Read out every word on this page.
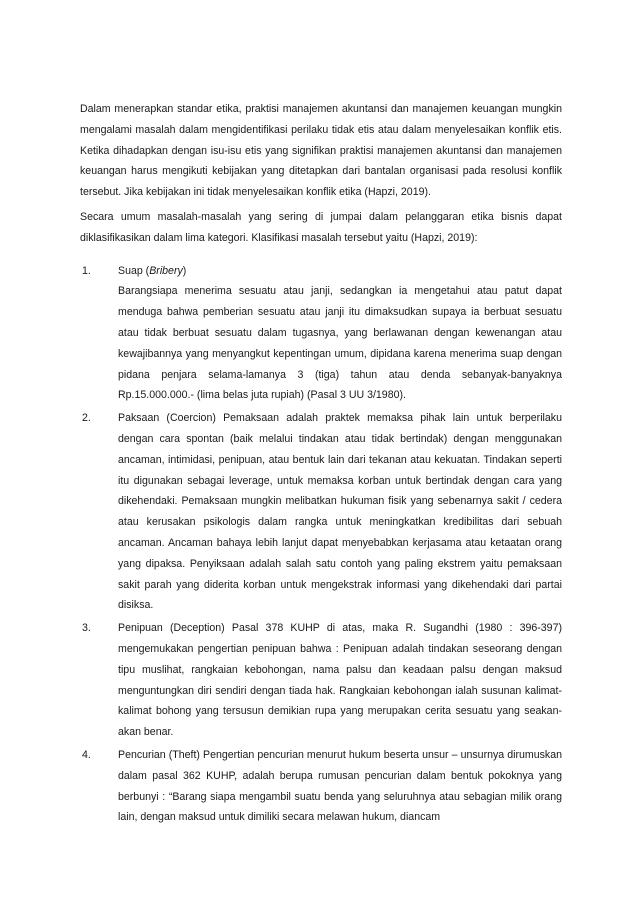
Dalam menerapkan standar etika, praktisi manajemen akuntansi dan manajemen keuangan mungkin mengalami masalah dalam mengidentifikasi perilaku tidak etis atau dalam menyelesaikan konflik etis. Ketika dihadapkan dengan isu-isu etis yang signifikan praktisi manajemen akuntansi dan manajemen keuangan harus mengikuti kebijakan yang ditetapkan dari bantalan organisasi pada resolusi konflik tersebut. Jika kebijakan ini tidak menyelesaikan konflik etika (Hapzi, 2019).

Secara umum masalah-masalah yang sering di jumpai dalam pelanggaran etika bisnis dapat diklasifikasikan dalam lima kategori. Klasifikasi masalah tersebut yaitu (Hapzi, 2019):

1.	Suap (Bribery)

Barangsiapa menerima sesuatu atau janji, sedangkan ia mengetahui atau patut dapat menduga bahwa pemberian sesuatu atau janji itu dimaksudkan supaya ia berbuat sesuatu atau tidak berbuat sesuatu dalam tugasnya, yang berlawanan dengan kewenangan atau kewajibannya yang menyangkut kepentingan umum, dipidana karena menerima suap dengan pidana penjara selama-lamanya 3 (tiga) tahun atau denda sebanyak-banyaknya Rp.15.000.000.- (lima belas juta rupiah) (Pasal 3 UU 3/1980).

2.	Paksaan (Coercion) Pemaksaan adalah praktek memaksa pihak lain untuk berperilaku dengan cara spontan (baik melalui tindakan atau tidak bertindak) dengan menggunakan ancaman, intimidasi, penipuan, atau bentuk lain dari tekanan atau kekuatan. Tindakan seperti itu digunakan sebagai leverage, untuk memaksa korban untuk bertindak dengan cara yang dikehendaki. Pemaksaan mungkin melibatkan hukuman fisik yang sebenarnya sakit / cedera atau kerusakan psikologis dalam rangka untuk meningkatkan kredibilitas dari sebuah ancaman. Ancaman bahaya lebih lanjut dapat menyebabkan kerjasama atau ketaatan orang yang dipaksa. Penyiksaan adalah salah satu contoh yang paling ekstrem yaitu pemaksaan sakit parah yang diderita korban untuk mengekstrak informasi yang dikehendaki dari partai disiksa.

3.	Penipuan (Deception) Pasal 378 KUHP di atas, maka R. Sugandhi (1980 : 396-397) mengemukakan pengertian penipuan bahwa : Penipuan adalah tindakan seseorang dengan tipu muslihat, rangkaian kebohongan, nama palsu dan keadaan palsu dengan maksud menguntungkan diri sendiri dengan tiada hak. Rangkaian kebohongan ialah susunan kalimat-kalimat bohong yang tersusun demikian rupa yang merupakan cerita sesuatu yang seakan-akan benar.

4.	Pencurian (Theft) Pengertian pencurian menurut hukum beserta unsur – unsurnya dirumuskan dalam pasal 362 KUHP, adalah berupa rumusan pencurian dalam bentuk pokoknya yang berbunyi : “Barang siapa mengambil suatu benda yang seluruhnya atau sebagian milik orang lain, dengan maksud untuk dimiliki secara melawan hukum, diancam
